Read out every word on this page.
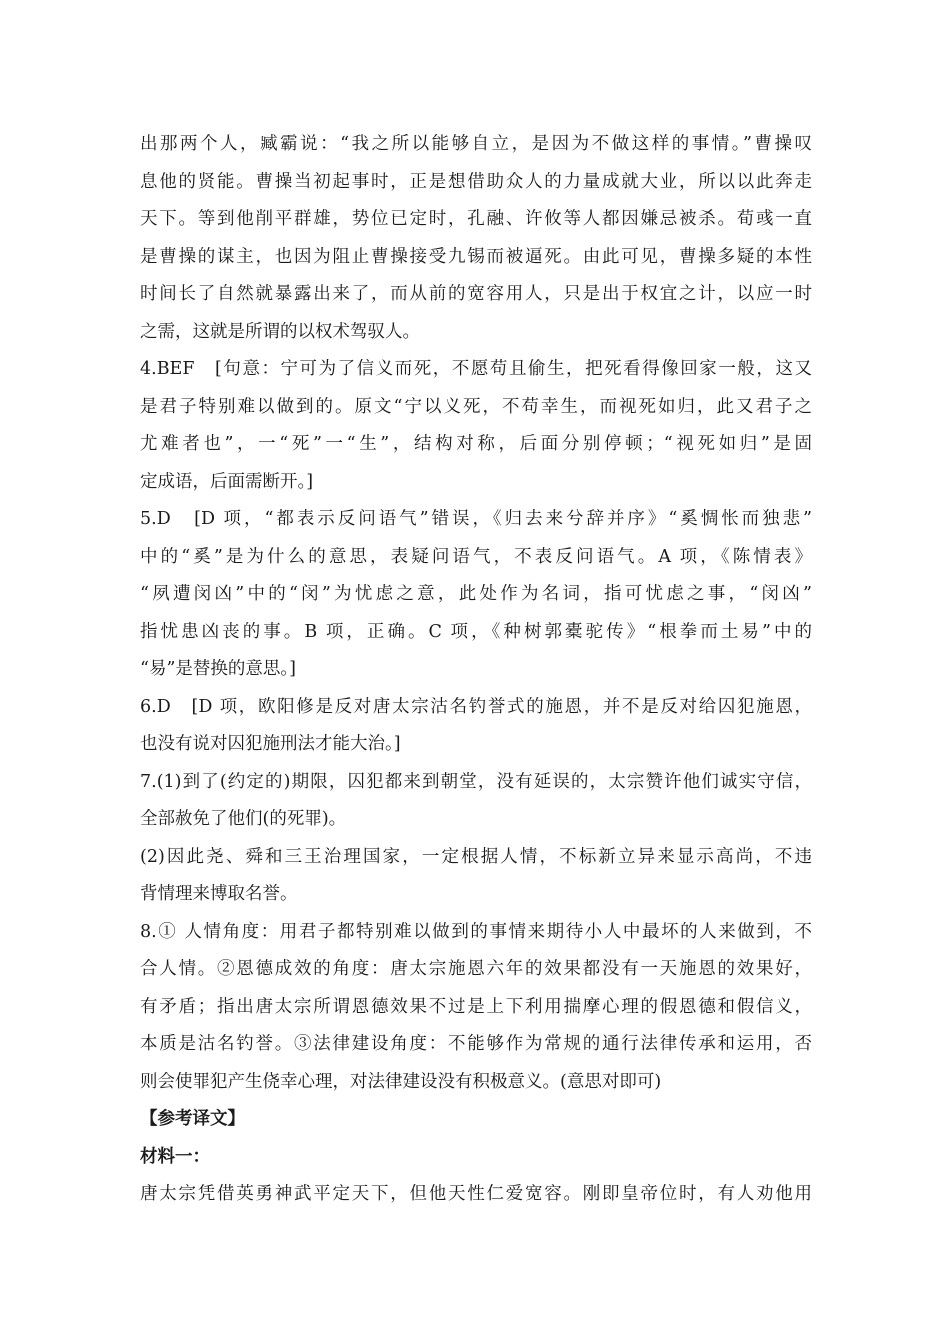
出那两个人，臧霸说：“我之所以能够自立，是因为不做这样的事情。”曹操叹
息他的贤能。曹操当初起事时，正是想借助众人的力量成就大业，所以以此奔走
天下。等到他削平群雄，势位已定时，孔融、许攸等人都因嫌忌被杀。荀彧一直
是曹操的谋主，也因为阻止曹操接受九锡而被逼死。由此可见，曹操多疑的本性
时间长了自然就暴露出来了，而从前的宽容用人，只是出于权宜之计，以应一时
之需，这就是所谓的以权术驾驭人。
4.BEF　[句意：宁可为了信义而死，不愿苟且偷生，把死看得像回家一般，这又
是君子特别难以做到的。原文“宁以义死，不苟幸生，而视死如归，此又君子之
尤难者也”，一“死”一“生”，结构对称，后面分别停顿；“视死如归”是固
定成语，后面需断开。]
5.D　[D 项，“都表示反问语气”错误，《归去来兮辞并序》“奚惆怅而独悲”
中的“奚”是为什么的意思，表疑问语气，不表反问语气。A 项，《陈情表》
“夙遭闵凶”中的“闵”为忧虑之意，此处作为名词，指可忧虑之事，“闵凶”
指忧患凶丧的事。B 项，正确。C 项，《种树郭橐驼传》“根拳而土易”中的
“易”是替换的意思。]
6.D　[D 项，欧阳修是反对唐太宗沽名钓誉式的施恩，并不是反对给囚犯施恩，
也没有说对囚犯施刑法才能大治。]
7.(1)到了(约定的)期限，囚犯都来到朝堂，没有延误的，太宗赞许他们诚实守信，
全部赦免了他们(的死罪)。
(2)因此尧、舜和三王治理国家，一定根据人情，不标新立异来显示高尚，不违
背情理来博取名誉。
8.① 人情角度：用君子都特别难以做到的事情来期待小人中最坏的人来做到，不
合人情。②恩德成效的角度：唐太宗施恩六年的效果都没有一天施恩的效果好，
有矛盾；指出唐太宗所谓恩德效果不过是上下利用揣摩心理的假恩德和假信义，
本质是沽名钓誉。③法律建设角度：不能够作为常规的通行法律传承和运用，否
则会使罪犯产生侥幸心理，对法律建设没有积极意义。(意思对即可)
【参考译文】
材料一：
唐太宗凭借英勇神武平定天下，但他天性仁爱宽容。刚即皇帝位时，有人劝他用
